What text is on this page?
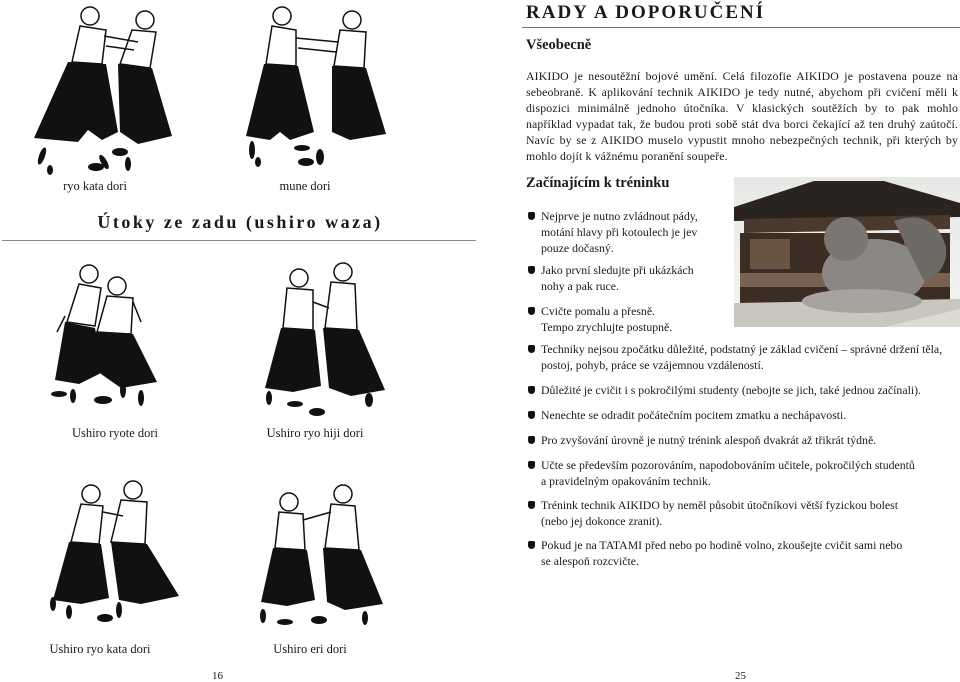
ryo kata dori	mune dori
Útoky ze zadu (ushiro waza)
Ushiro ryote dori	Ushiro ryo hiji dori
Ushiro ryo kata dori	Ushiro eri dori
16
RADY A DOPORUČENÍ
Všeobecně
AIKIDO je nesoutěžní bojové umění. Celá filozofie AIKIDO je postavena pouze na sebeobraně. K aplikování technik AIKIDO je tedy nutné, abychom při cvičení měli k dispozici minimálně jednoho útočníka. V klasických soutěžích by to pak mohlo například vypadat tak, že budou proti sobě stát dva borci čekající až ten druhý zaútočí. Navíc by se z AIKIDO muselo vypustit mnoho nebezpečných technik, při kterých by mohlo dojít k vážnému poranění soupeře.
Začínajícím k tréninku
Nejprve je nutno zvládnout pády,
motání hlavy při kotoulech je jev
pouze dočasný.
Jako první sledujte při ukázkách
nohy a pak ruce.
Cvičte pomalu a přesně.
Tempo zrychlujte postupně.
Techniky nejsou zpočátku důležité, podstatný je základ cvičení – správné držení těla,
postoj, pohyb, práce se vzájemnou vzdáleností.
Důležité je cvičit i s pokročilými studenty (nebojte se jich, také jednou začínali).
Nenechte se odradit počátečním pocitem zmatku a nechápavosti.
Pro zvyšování úrovně je nutný trénink alespoň dvakrát až třikrát týdně.
Učte se především pozorováním, napodobováním učitele, pokročilých studentů
a pravidelným opakováním technik.
Trénink technik AIKIDO by neměl působit útočníkovi větší fyzickou bolest
(nebo jej dokonce zranit).
Pokud je na TATAMI před nebo po hodině volno, zkoušejte cvičit sami nebo
se alespoň rozcvičte.
25
